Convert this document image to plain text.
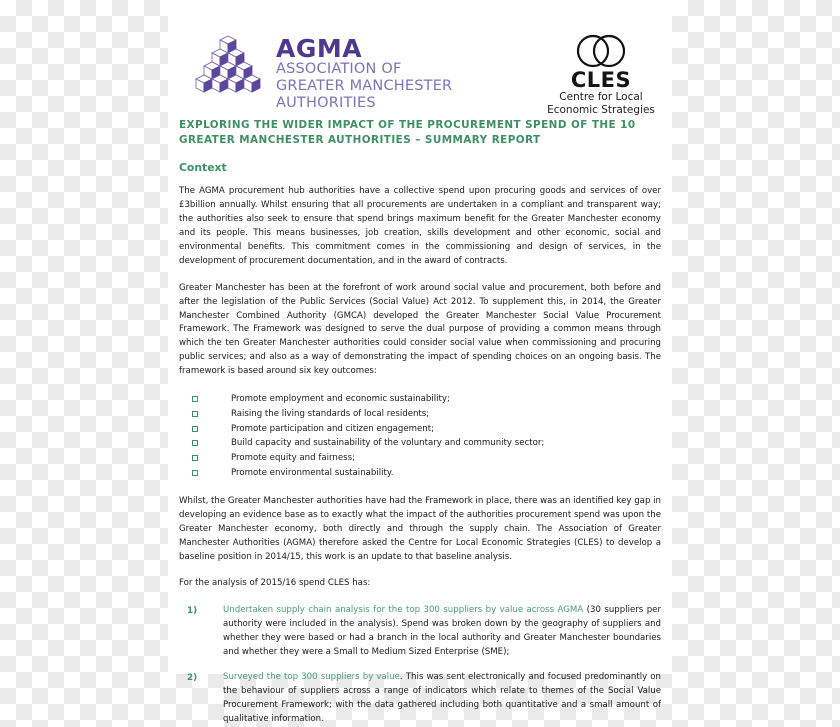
AGMA
ASSOCIATION OF
GREATER MANCHESTER
AUTHORITIES
CLES
Centre for Local
Economic Strategies
EXPLORING THE WIDER IMPACT OF THE PROCUREMENT SPEND OF THE 10 GREATER MANCHESTER AUTHORITIES – SUMMARY REPORT
Context

The AGMA procurement hub authorities have a collective spend upon procuring goods and services of over £3billion annually. Whilst ensuring that all procurements are undertaken in a compliant and transparent way; the authorities also seek to ensure that spend brings maximum benefit for the Greater Manchester economy and its people. This means businesses, job creation, skills development and other economic, social and environmental benefits. This commitment comes in the commissioning and design of services, in the development of procurement documentation, and in the award of contracts.

Greater Manchester has been at the forefront of work around social value and procurement, both before and after the legislation of the Public Services (Social Value) Act 2012. To supplement this, in 2014, the Greater Manchester Combined Authority (GMCA) developed the Greater Manchester Social Value Procurement Framework. The Framework was designed to serve the dual purpose of providing a common means through which the ten Greater Manchester authorities could consider social value when commissioning and procuring public services; and also as a way of demonstrating the impact of spending choices on an ongoing basis. The framework is based around six key outcomes:

Promote employment and economic sustainability;
Raising the living standards of local residents;
Promote participation and citizen engagement;
Build capacity and sustainability of the voluntary and community sector;
Promote equity and fairness;
Promote environmental sustainability.

Whilst, the Greater Manchester authorities have had the Framework in place, there was an identified key gap in developing an evidence base as to exactly what the impact of the authorities procurement spend was upon the Greater Manchester economy, both directly and through the supply chain. The Association of Greater Manchester Authorities (AGMA) therefore asked the Centre for Local Economic Strategies (CLES) to develop a baseline position in 2014/15, this work is an update to that baseline analysis.

For the analysis of 2015/16 spend CLES has:

1)	Undertaken supply chain analysis for the top 300 suppliers by value across AGMA (30 suppliers per authority were included in the analysis). Spend was broken down by the geography of suppliers and whether they were based or had a branch in the local authority and Greater Manchester boundaries and whether they were a Small to Medium Sized Enterprise (SME);
2)	Surveyed the top 300 suppliers by value. This was sent electronically and focused predominantly on the behaviour of suppliers across a range of indicators which relate to themes of the Social Value Procurement Framework; with the data gathered including both quantitative and a small amount of qualitative information.
